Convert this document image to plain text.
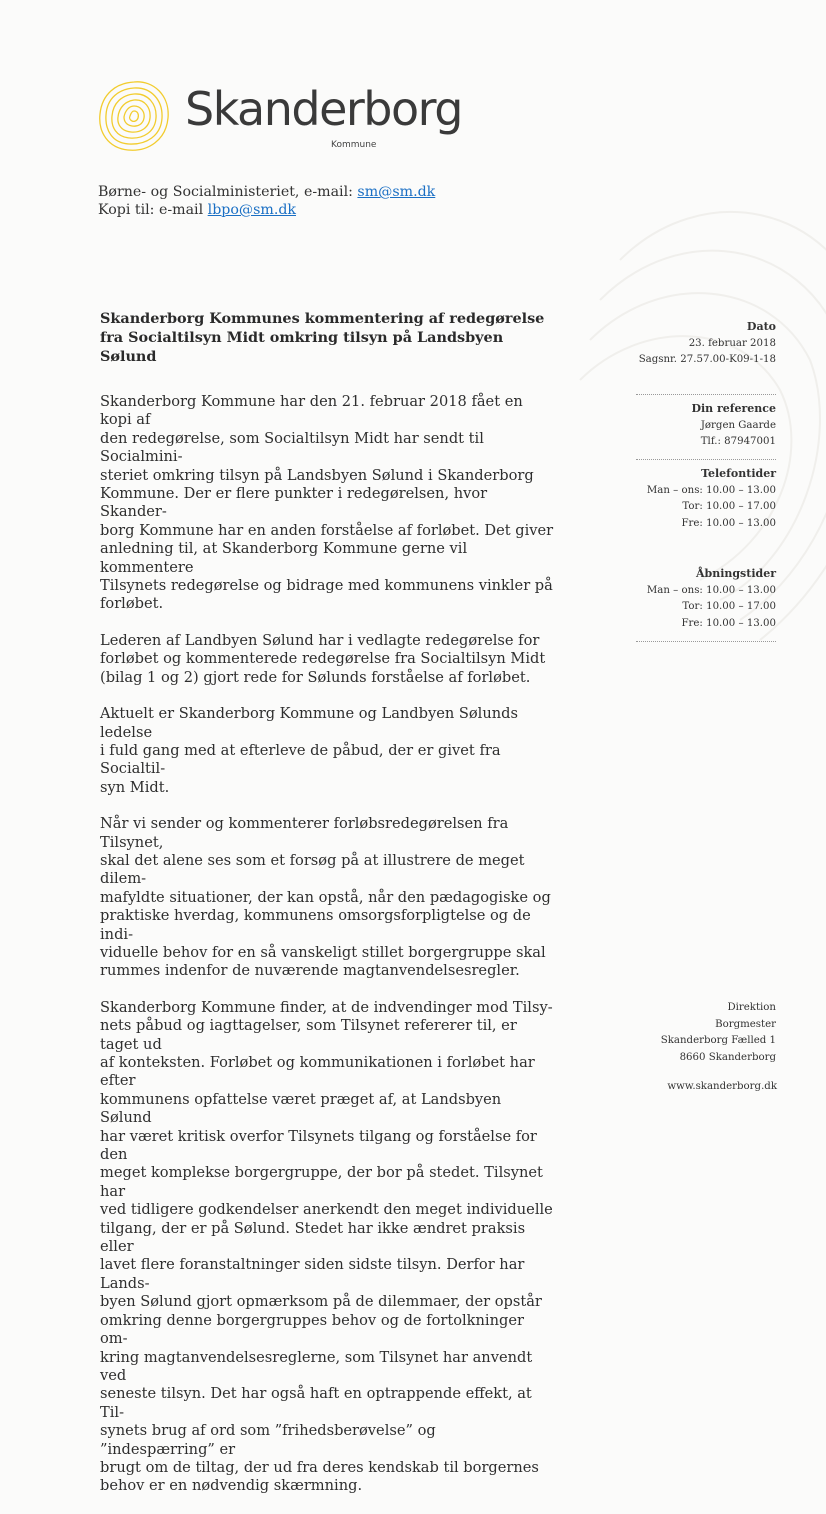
Skanderborg
Kommune
Børne- og Socialministeriet, e-mail: sm@sm.dk
Kopi til: e-mail lbpo@sm.dk
Skanderborg Kommunes kommentering af redegørelse
fra Socialtilsyn Midt omkring tilsyn på Landsbyen
Sølund

Skanderborg Kommune har den 21. februar 2018 fået en kopi af
den redegørelse, som Socialtilsyn Midt har sendt til Socialmini-
steriet omkring tilsyn på Landsbyen Sølund i Skanderborg
Kommune. Der er flere punkter i redegørelsen, hvor Skander-
borg Kommune har en anden forståelse af forløbet. Det giver
anledning til, at Skanderborg Kommune gerne vil kommentere
Tilsynets redegørelse og bidrage med kommunens vinkler på
forløbet.

Lederen af Landbyen Sølund har i vedlagte redegørelse for
forløbet og kommenterede redegørelse fra Socialtilsyn Midt
(bilag 1 og 2) gjort rede for Sølunds forståelse af forløbet.

Aktuelt er Skanderborg Kommune og Landbyen Sølunds ledelse
i fuld gang med at efterleve de påbud, der er givet fra Socialtil-
syn Midt.

Når vi sender og kommenterer forløbsredegørelsen fra Tilsynet,
skal det alene ses som et forsøg på at illustrere de meget dilem-
mafyldte situationer, der kan opstå, når den pædagogiske og
praktiske hverdag, kommunens omsorgsforpligtelse og de indi-
viduelle behov for en så vanskeligt stillet borgergruppe skal
rummes indenfor de nuværende magtanvendelsesregler.

Skanderborg Kommune finder, at de indvendinger mod Tilsy-
nets påbud og iagttagelser, som Tilsynet refererer til, er taget ud
af konteksten. Forløbet og kommunikationen i forløbet har efter
kommunens opfattelse været præget af, at Landsbyen Sølund
har været kritisk overfor Tilsynets tilgang og forståelse for den
meget komplekse borgergruppe, der bor på stedet. Tilsynet har
ved tidligere godkendelser anerkendt den meget individuelle
tilgang, der er på Sølund. Stedet har ikke ændret praksis eller
lavet flere foranstaltninger siden sidste tilsyn. Derfor har Lands-
byen Sølund gjort opmærksom på de dilemmaer, der opstår
omkring denne borgergruppes behov og de fortolkninger om-
kring magtanvendelsesreglerne, som Tilsynet har anvendt ved
seneste tilsyn. Det har også haft en optrappende effekt, at Til-
synets brug af ord som ”frihedsberøvelse” og ”indespærring” er
brugt om de tiltag, der ud fra deres kendskab til borgernes
behov er en nødvendig skærmning.

Dato
23. februar 2018
Sagsnr. 27.57.00-K09-1-18
Din reference
Jørgen Gaarde
Tlf.: 87947001
Telefontider
Man – ons: 10.00 – 13.00
Tor: 10.00 – 17.00
Fre: 10.00 – 13.00
Åbningstider
Man – ons: 10.00 – 13.00
Tor: 10.00 – 17.00
Fre: 10.00 – 13.00
Direktion
Borgmester
Skanderborg Fælled 1
8660 Skanderborg
www.skanderborg.dk
